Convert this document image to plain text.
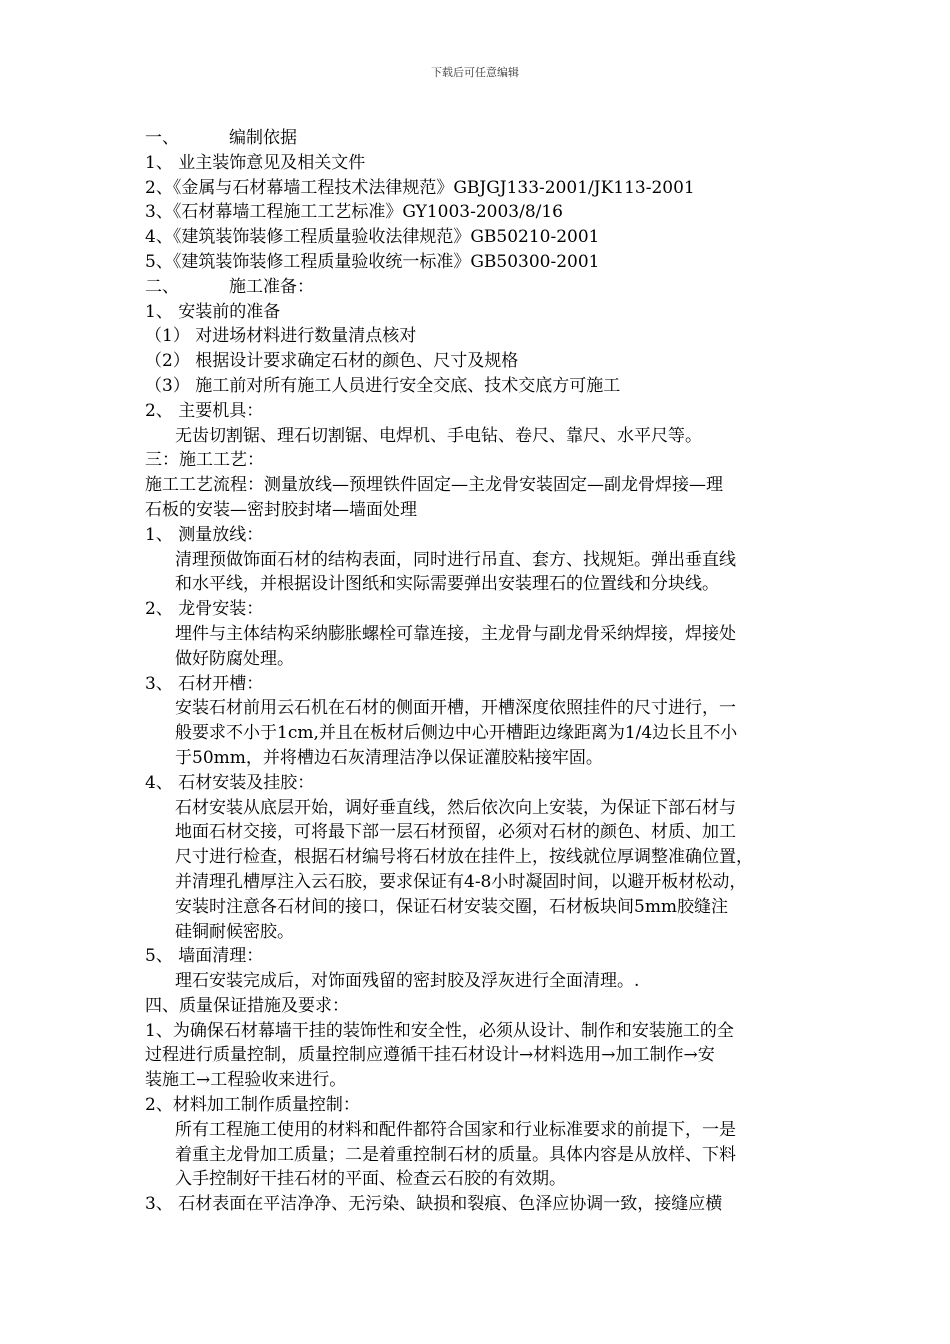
下载后可任意编辑
一、	编制依据
1、 业主装饰意见及相关文件
2、《金属与石材幕墙工程技术法律规范》GBJGJ133-2001/JK113-2001
3、《石材幕墙工程施工工艺标准》GY1003-2003/8/16
4、《建筑装饰装修工程质量验收法律规范》GB50210-2001
5、《建筑装饰装修工程质量验收统一标准》GB50300-2001
二、	施工准备：
1、 安装前的准备
（1） 对进场材料进行数量清点核对
（2） 根据设计要求确定石材的颜色、尺寸及规格
（3） 施工前对所有施工人员进行安全交底、技术交底方可施工
2、 主要机具：
无齿切割锯、理石切割锯、电焊机、手电钻、卷尺、靠尺、水平尺等。
三：施工工艺：
施工工艺流程：测量放线—预埋铁件固定—主龙骨安装固定—副龙骨焊接—理
石板的安装—密封胶封堵—墙面处理
1、 测量放线：
清理预做饰面石材的结构表面，同时进行吊直、套方、找规矩。弹出垂直线
和水平线，并根据设计图纸和实际需要弹出安装理石的位置线和分块线。
2、 龙骨安装：
埋件与主体结构采纳膨胀螺栓可靠连接，主龙骨与副龙骨采纳焊接，焊接处
做好防腐处理。
3、 石材开槽：
安装石材前用云石机在石材的侧面开槽，开槽深度依照挂件的尺寸进行，一
般要求不小于1cm,并且在板材后侧边中心开槽距边缘距离为1/4边长且不小
于50mm，并将槽边石灰清理洁净以保证灌胶粘接牢固。
4、 石材安装及挂胶：
石材安装从底层开始，调好垂直线，然后依次向上安装，为保证下部石材与
地面石材交接，可将最下部一层石材预留，必须对石材的颜色、材质、加工
尺寸进行检查，根据石材编号将石材放在挂件上，按线就位厚调整准确位置，
并清理孔槽厚注入云石胶，要求保证有4-8小时凝固时间，以避开板材松动，
安装时注意各石材间的接口，保证石材安装交圈，石材板块间5mm胶缝注
硅铜耐候密胶。
5、 墙面清理：
理石安装完成后，对饰面残留的密封胶及浮灰进行全面清理。.
四、质量保证措施及要求：
1、为确保石材幕墙干挂的装饰性和安全性，必须从设计、制作和安装施工的全
过程进行质量控制，质量控制应遵循干挂石材设计→材料选用→加工制作→安
装施工→工程验收来进行。
2、材料加工制作质量控制：
所有工程施工使用的材料和配件都符合国家和行业标准要求的前提下，一是
着重主龙骨加工质量；二是着重控制石材的质量。具体内容是从放样、下料
入手控制好干挂石材的平面、检查云石胶的有效期。
3、 石材表面在平洁净净、无污染、缺损和裂痕、色泽应协调一致，接缝应横
